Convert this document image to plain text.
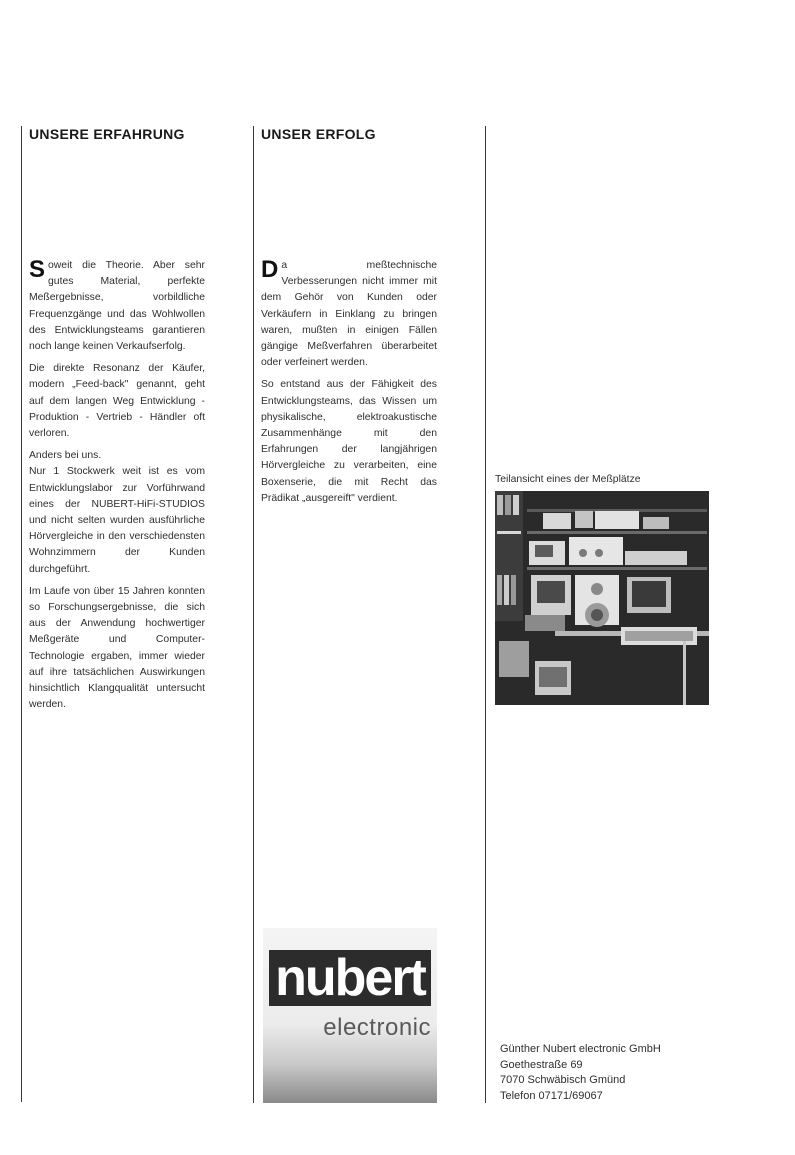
UNSERE ERFAHRUNG

Soweit die Theorie. Aber sehr gutes Material, perfekte Meßergebnisse, vorbildliche Frequenzgänge und das Wohlwollen des Entwicklungsteams garantieren noch lange keinen Verkaufserfolg.

Die direkte Resonanz der Käufer, modern „Feed-back" genannt, geht auf dem langen Weg Entwicklung - Produktion - Vertrieb - Händler oft verloren.

Anders bei uns.

Nur 1 Stockwerk weit ist es vom Entwicklungslabor zur Vorführwand eines der NUBERT-HiFi-STUDIOS und nicht selten wurden ausführliche Hörvergleiche in den verschiedensten Wohnzimmern der Kunden durchgeführt.

Im Laufe von über 15 Jahren konnten so Forschungsergebnisse, die sich aus der Anwendung hochwertiger Meßgeräte und Computer-Technologie ergaben, immer wieder auf ihre tatsächlichen Auswirkungen hinsichtlich Klangqualität untersucht werden.

UNSER ERFOLG

Da meßtechnische Verbesserungen nicht immer mit dem Gehör von Kunden oder Verkäufern in Einklang zu bringen waren, mußten in einigen Fällen gängige Meßverfahren überarbeitet oder verfeinert werden.

So entstand aus der Fähigkeit des Entwicklungsteams, das Wissen um physikalische, elektroakustische Zusammenhänge mit den Erfahrungen der langjährigen Hörvergleiche zu verarbeiten, eine Boxenserie, die mit Recht das Prädikat „ausgereift" verdient.

Teilansicht eines der Meßplätze
nubert
electronic
Günther Nubert electronic GmbH
Goethestraße 69
7070 Schwäbisch Gmünd
Telefon 07171/69067
